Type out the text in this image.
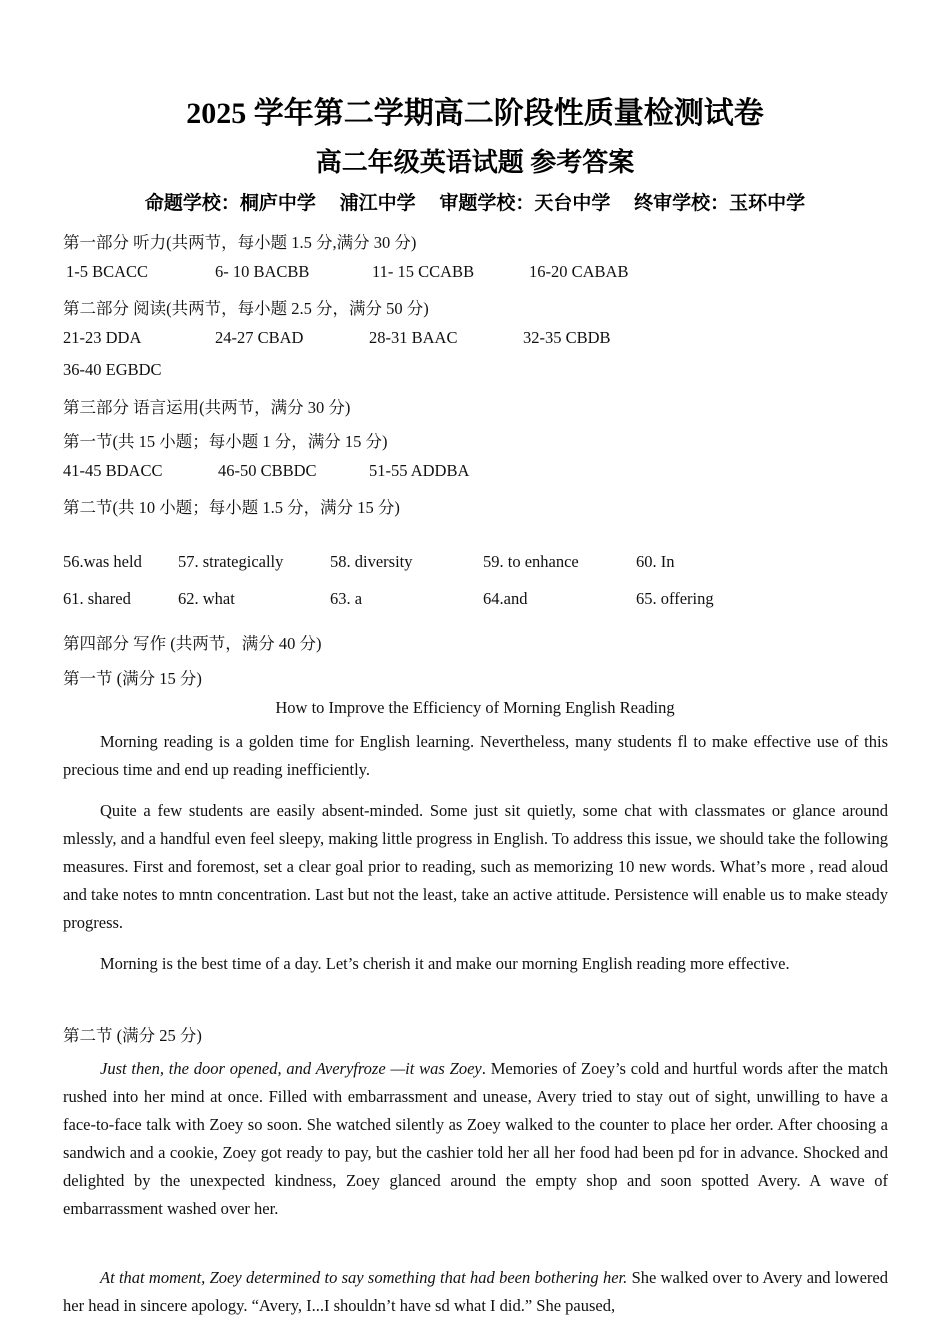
2025 学年第二学期高二阶段性质量检测试卷
高二年级英语试题 参考答案
命题学校：桐庐中学     浦江中学     审题学校：天台中学     终审学校：玉环中学
第一部分 听力(共两节，每小题 1.5 分,满分 30 分)
1-5 BCACC	6- 10 BACBB	11- 15 CCABB	16-20 CABAB
第二部分 阅读(共两节，每小题 2.5 分，满分 50 分)
21-23 DDA	24-27 CBAD	28-31 BAAC	32-35 CBDB
36-40 EGBDC
第三部分 语言运用(共两节，满分 30 分)
第一节(共 15 小题；每小题 1 分，满分 15 分)
41-45 BDACC	46-50 CBBDC	51-55 ADDBA
第二节(共 10 小题；每小题 1.5 分，满分 15 分)
56.was held 57. strategically	58. diversity	59. to enhance	60. In
61. shared	62. what	63. a	64.and	65. offering
第四部分 写作 (共两节，满分 40 分)
第一节 (满分 15 分)
How to Improve the Efficiency of Morning English Reading

Morning reading is a golden time for English learning. Nevertheless, many students fl to make effective use of this precious time and end up reading inefficiently.

Quite a few students are easily absent-minded. Some just sit quietly, some chat with classmates or glance around mlessly, and a handful even feel sleepy, making little progress in English. To address this issue, we should take the following measures. First and foremost, set a clear goal prior to reading, such as memorizing 10 new words. What’s more , read aloud and take notes to mntn concentration. Last but not the least, take an active attitude. Persistence will enable us to make steady progress.

Morning is the best time of a day. Let’s cherish it and make our morning English reading more effective.

第二节 (满分 25 分)

Just then, the door opened, and Averyfroze —it was Zoey. Memories of Zoey’s cold and hurtful words after the match rushed into her mind at once. Filled with embarrassment and unease, Avery tried to stay out of sight, unwilling to have a face-to-face talk with Zoey so soon. She watched silently as Zoey walked to the counter to place her order. After choosing a sandwich and a cookie, Zoey got ready to pay, but the cashier told her all her food had been pd for in advance. Shocked and delighted by the unexpected kindness, Zoey glanced around the empty shop and soon spotted Avery. A wave of embarrassment washed over her.

At that moment, Zoey determined to say something that had been bothering her. She walked over to Avery and lowered her head in sincere apology. “Avery, I...I shouldn’t have sd what I did.” She paused,
